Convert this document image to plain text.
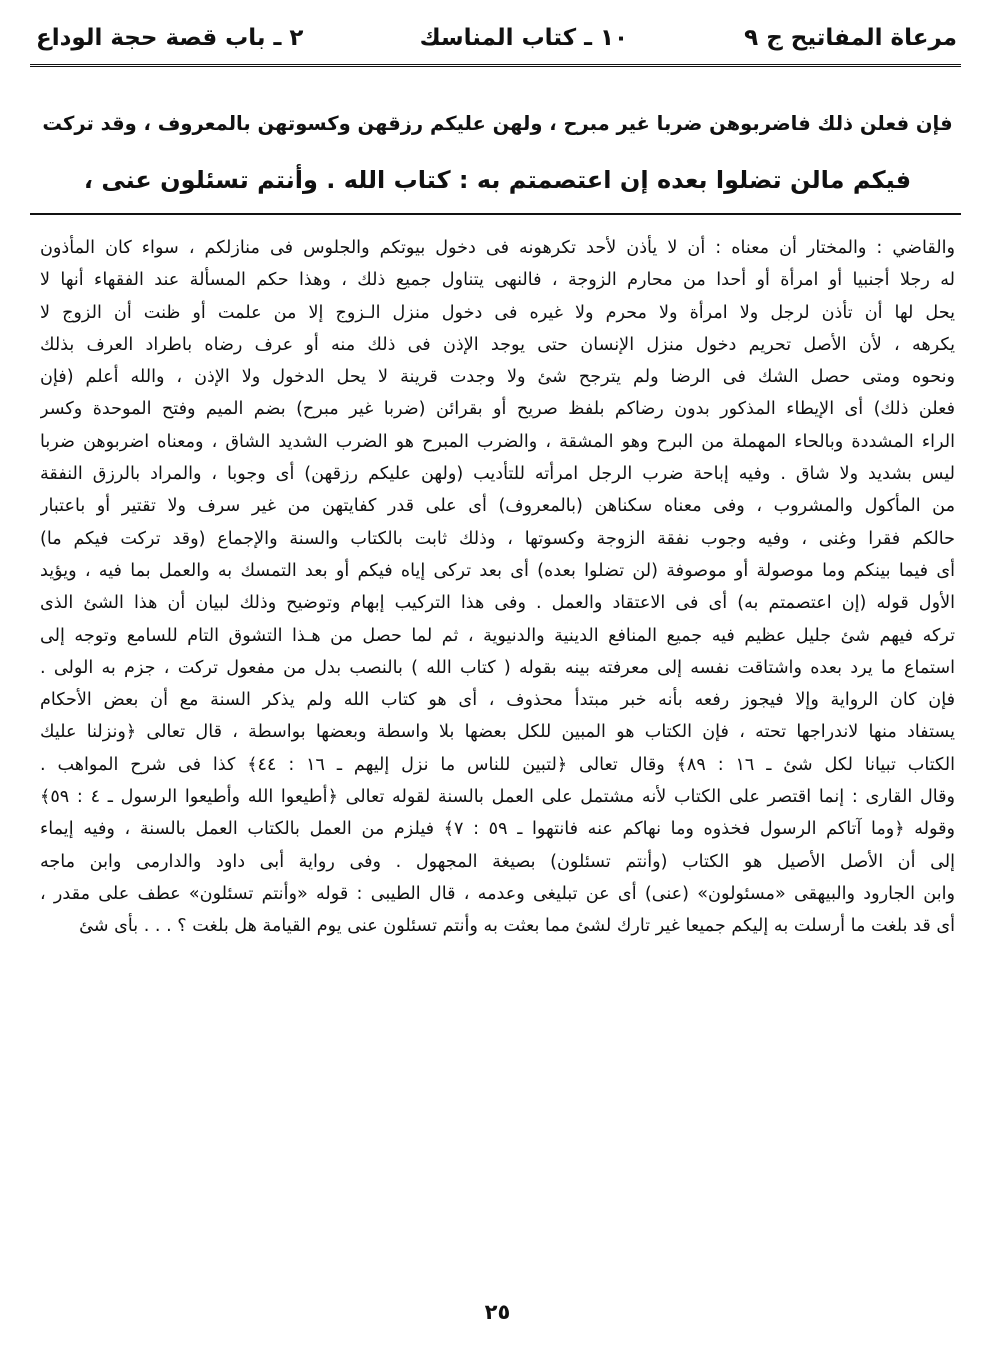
مرعاة المفاتيح ج ٩
١٠ ـ كتاب المناسك
٢ ـ باب قصة حجة الوداع
فإن فعلن ذلك فاضربوهن ضربا غير مبرح ، ولهن عليكم رزقهن وكسوتهن بالمعروف ، وقد تركت
فيكم مالن تضلوا بعده إن اعتصمتم به : كتاب الله . وأنتم تسئلون عنى ،
والقاضي : والمختار أن معناه : أن لا يأذن لأحد تكرهونه فى دخول بيوتكم والجلوس فى منازلكم ، سواء كان المأذون
له رجلا أجنبيا أو امرأة أو أحدا من محارم الزوجة ، فالنهى يتناول جميع ذلك ، وهذا حكم المسألة عند الفقهاء أنها لا
يحل لها أن تأذن لرجل ولا امرأة ولا محرم ولا غيره فى دخول منزل الـزوج إلا من علمت أو ظنت أن الزوج لا
يكرهه ، لأن الأصل تحريم دخول منزل الإنسان حتى يوجد الإذن فى ذلك منه أو عرف رضاه باطراد العرف بذلك
ونحوه ومتى حصل الشك فى الرضا ولم يترجح شئ ولا وجدت قرينة لا يحل الدخول ولا الإذن ، والله أعلم (فإن
فعلن ذلك) أى الإيطاء المذكور بدون رضاكم بلفظ صريح أو بقرائن (ضربا غير مبرح) بضم الميم وفتح الموحدة وكسر
الراء المشددة وبالحاء المهملة من البرح وهو المشقة ، والضرب المبرح هو الضرب الشديد الشاق ، ومعناه اضربوهن ضربا
ليس بشديد ولا شاق . وفيه إباحة ضرب الرجل امرأته للتأديب (ولهن عليكم رزقهن) أى وجوبا ، والمراد بالرزق النفقة
من المأكول والمشروب ، وفى معناه سكناهن (بالمعروف) أى على قدر كفايتهن من غير سرف ولا تقتير أو باعتبار
حالكم فقرا وغنى ، وفيه وجوب نفقة الزوجة وكسوتها ، وذلك ثابت بالكتاب والسنة والإجماع (وقد تركت فيكم ما)
أى فيما بينكم وما موصولة أو موصوفة (لن تضلوا بعده) أى بعد تركى إياه فيكم أو بعد التمسك به والعمل بما فيه ، ويؤيد
الأول قوله (إن اعتصمتم به) أى فى الاعتقاد والعمل . وفى هذا التركيب إبهام وتوضيح وذلك لبيان أن هذا الشئ الذى
تركه فيهم شئ جليل عظيم فيه جميع المنافع الدينية والدنيوية ، ثم لما حصل من هـذا التشوق التام للسامع وتوجه إلى
استماع ما يرد بعده واشتاقت نفسه إلى معرفته بينه بقوله ( كتاب الله ) بالنصب بدل من مفعول تركت ، جزم به الولى .
فإن كان الرواية وإلا فيجوز رفعه بأنه خبر مبتدأ محذوف ، أى هو كتاب الله ولم يذكر السنة مع أن بعض الأحكام
يستفاد منها لاندراجها تحته ، فإن الكتاب هو المبين للكل بعضها بلا واسطة وبعضها بواسطة ، قال تعالى ﴿ونزلنا عليك
الكتاب تبيانا لكل شئ ـ ١٦ : ٨٩﴾ وقال تعالى ﴿لتبين للناس ما نزل إليهم ـ ١٦ : ٤٤﴾ كذا فى شرح المواهب .
وقال القارى : إنما اقتصر على الكتاب لأنه مشتمل على العمل بالسنة لقوله تعالى ﴿أطيعوا الله وأطيعوا الرسول ـ ٤ : ٥٩﴾
وقوله ﴿وما آتاكم الرسول فخذوه وما نهاكم عنه فانتهوا ـ ٥٩ : ٧﴾ فيلزم من العمل بالكتاب العمل بالسنة ، وفيه إيماء
إلى أن الأصل الأصيل هو الكتاب (وأنتم تسئلون) بصيغة المجهول . وفى رواية أبى داود والدارمى وابن ماجه
وابن الجارود والبيهقى «مسئولون» (عنى) أى عن تبليغى وعدمه ، قال الطيبى : قوله «وأنتم تسئلون» عطف على مقدر ،
أى قد بلغت ما أرسلت به إليكم جميعا غير تارك لشئ مما بعثت به وأنتم تسئلون عنى يوم القيامة هل بلغت ؟ . . . بأى شئ
٢٥
